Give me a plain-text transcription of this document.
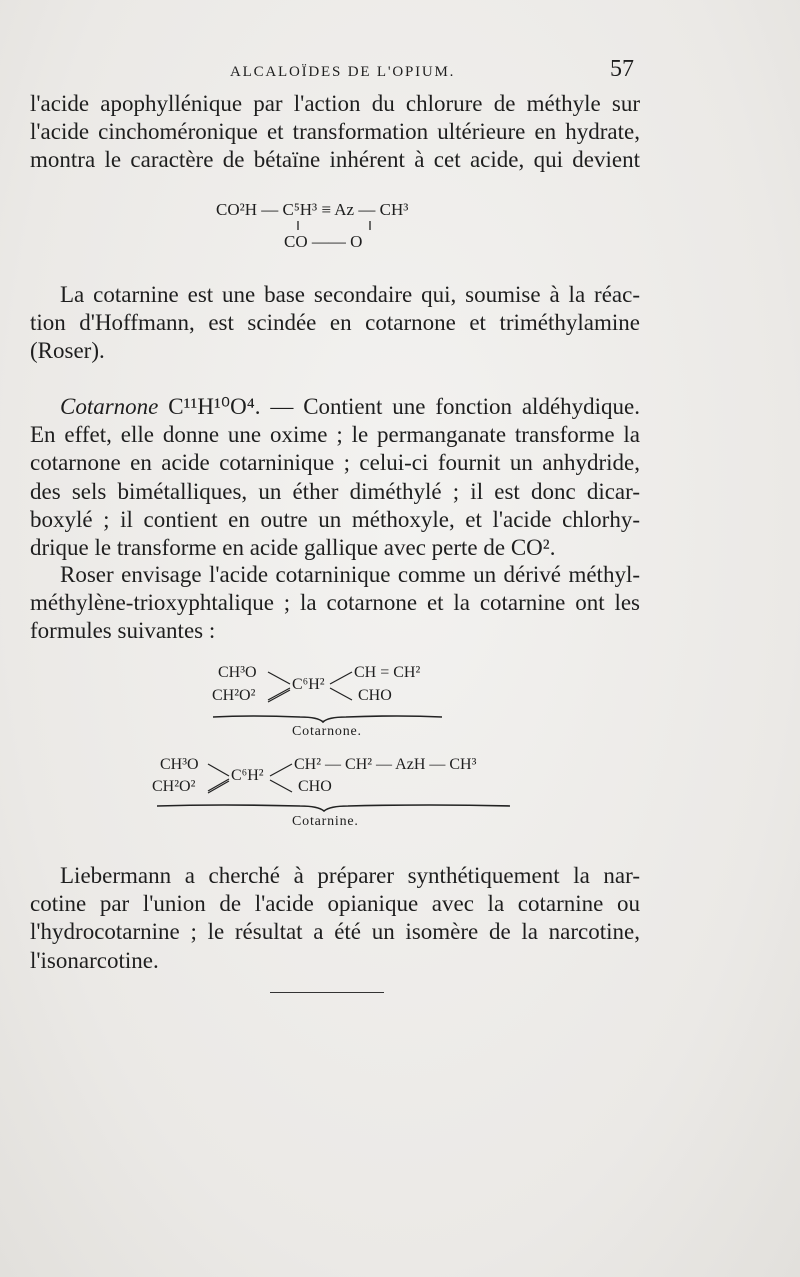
ALCALOÏDES DE L'OPIUM.	57
l'acide apophyllénique par l'action du chlorure de méthyle sur
l'acide cinchoméronique et transformation ultérieure en hydrate,
montra le caractère de bétaïne inhérent à cet acide, qui devient
CO²H — C⁵H³ ≡ Az — CH³
CO —— O
La cotarnine est une base secondaire qui, soumise à la réac-
tion d'Hoffmann, est scindée en cotarnone et triméthylamine
(Roser).
Cotarnone C¹¹H¹⁰O⁴. — Contient une fonction aldéhydique.
En effet, elle donne une oxime ; le permanganate transforme la
cotarnone en acide cotarninique ; celui-ci fournit un anhydride,
des sels bimétalliques, un éther diméthylé ; il est donc dicar-
boxylé ; il contient en outre un méthoxyle, et l'acide chlorhy-
drique le transforme en acide gallique avec perte de CO².
Roser envisage l'acide cotarninique comme un dérivé méthyl-
méthylène-trioxyphtalique ; la cotarnone et la cotarnine ont les
formules suivantes :
CH³O
CH²O²
C⁶H²
CH = CH²
CHO
Cotarnone.
CH³O
CH²O²
C⁶H²
CH² — CH² — AzH — CH³
CHO
Cotarnine.
Liebermann a cherché à préparer synthétiquement la nar-
cotine par l'union de l'acide opianique avec la cotarnine ou
l'hydrocotarnine ; le résultat a été un isomère de la narcotine,
l'isonarcotine.
